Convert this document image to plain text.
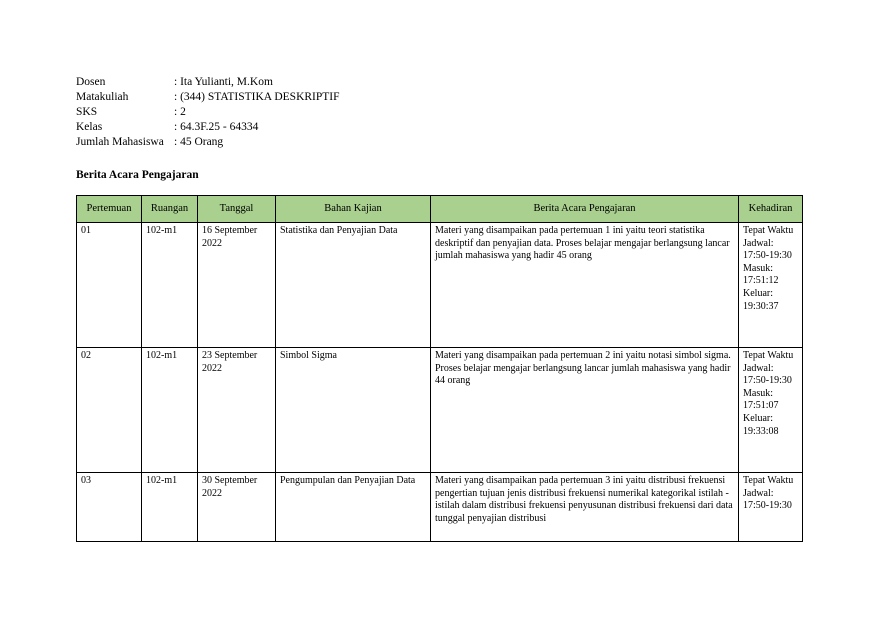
Dosen	: Ita Yulianti, M.Kom
Matakuliah	: (344) STATISTIKA DESKRIPTIF
SKS	: 2
Kelas	: 64.3F.25 - 64334
Jumlah Mahasiswa : 45 Orang
Berita Acara Pengajaran
Pertemuan	Ruangan	Tanggal	Bahan Kajian	Berita Acara Pengajaran	Kehadiran
01	102-m1	16 September 2022	Statistika dan Penyajian Data	Materi yang disampaikan pada pertemuan 1 ini yaitu teori statistika deskriptif dan penyajian data. Proses belajar mengajar berlangsung lancar jumlah mahasiswa yang hadir 45 orang	Tepat Waktu
Jadwal: 17:50-19:30
Masuk: 17:51:12
Keluar: 19:30:37
02	102-m1	23 September 2022	Simbol Sigma	Materi yang disampaikan pada pertemuan 2 ini yaitu notasi simbol sigma. Proses belajar mengajar berlangsung lancar jumlah mahasiswa yang hadir 44 orang	Tepat Waktu
Jadwal: 17:50-19:30
Masuk: 17:51:07
Keluar: 19:33:08
03	102-m1	30 September 2022	Pengumpulan dan Penyajian Data	Materi yang disampaikan pada pertemuan 3 ini yaitu distribusi frekuensi pengertian tujuan jenis distribusi frekuensi numerikal kategorikal istilah -istilah dalam distribusi frekuensi penyusunan distribusi frekuensi dari data tunggal penyajian distribusi	Tepat Waktu
Jadwal: 17:50-19:30
